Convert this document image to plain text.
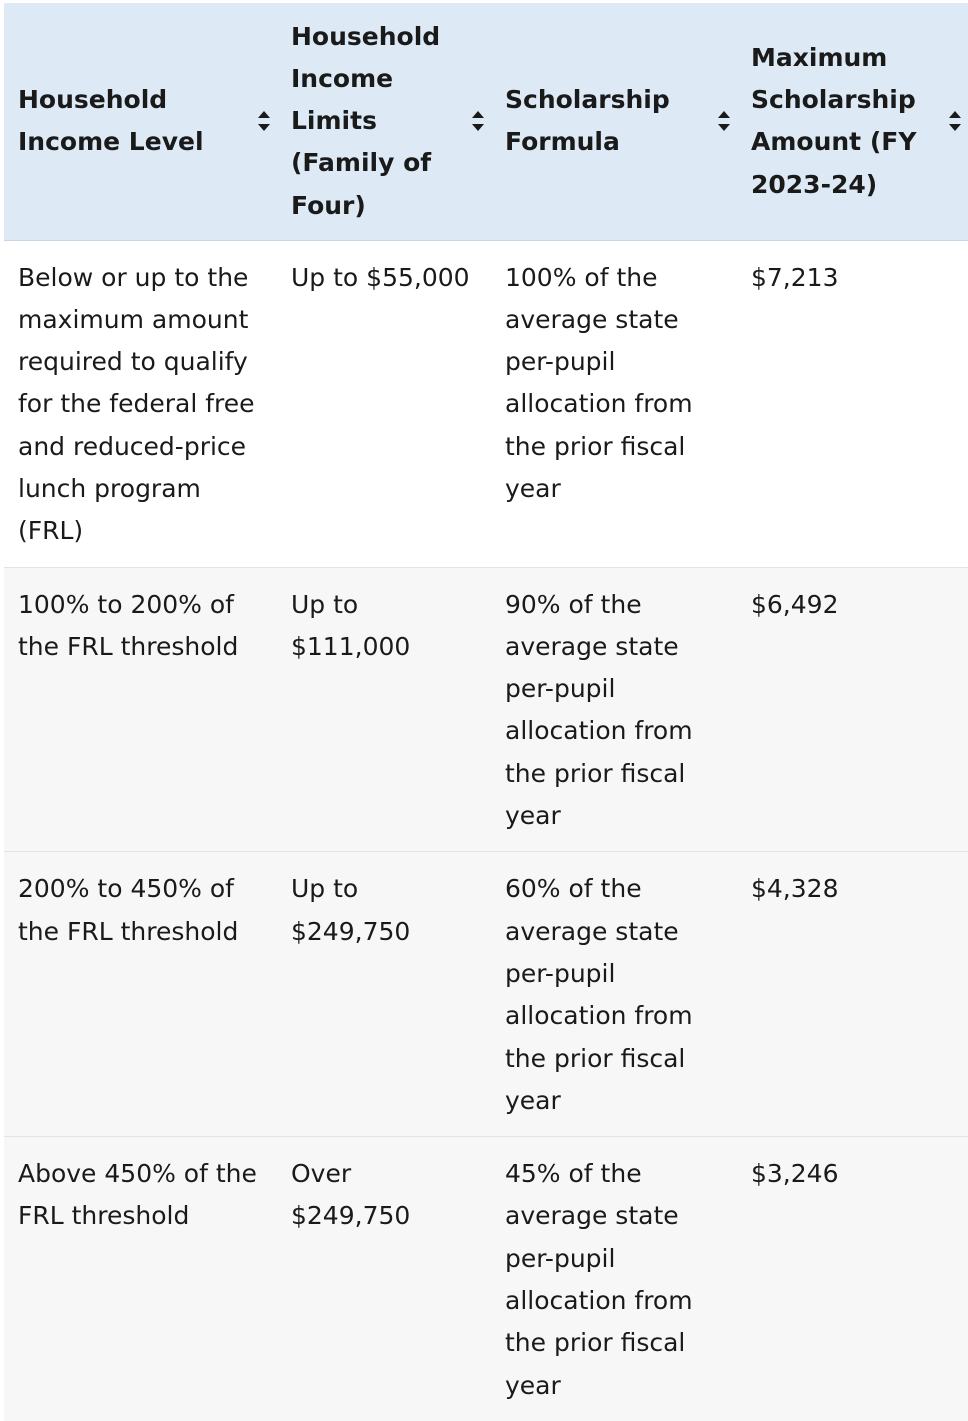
Household Income Level	Household Income Limits (Family of Four)	Scholarship Formula	Maximum Scholarship Amount (FY 2023-24)

Below or up to the maximum amount required to qualify for the federal free and reduced-price lunch program (FRL)	Up to $55,000	100% of the average state per-pupil allocation from the prior fiscal year	$7,213
100% to 200% of the FRL threshold	Up to $111,000	90% of the average state per-pupil allocation from the prior fiscal year	$6,492
200% to 450% of the FRL threshold	Up to $249,750	60% of the average state per-pupil allocation from the prior fiscal year	$4,328
Above 450% of the FRL threshold	Over $249,750	45% of the average state per-pupil allocation from the prior fiscal year	$3,246
